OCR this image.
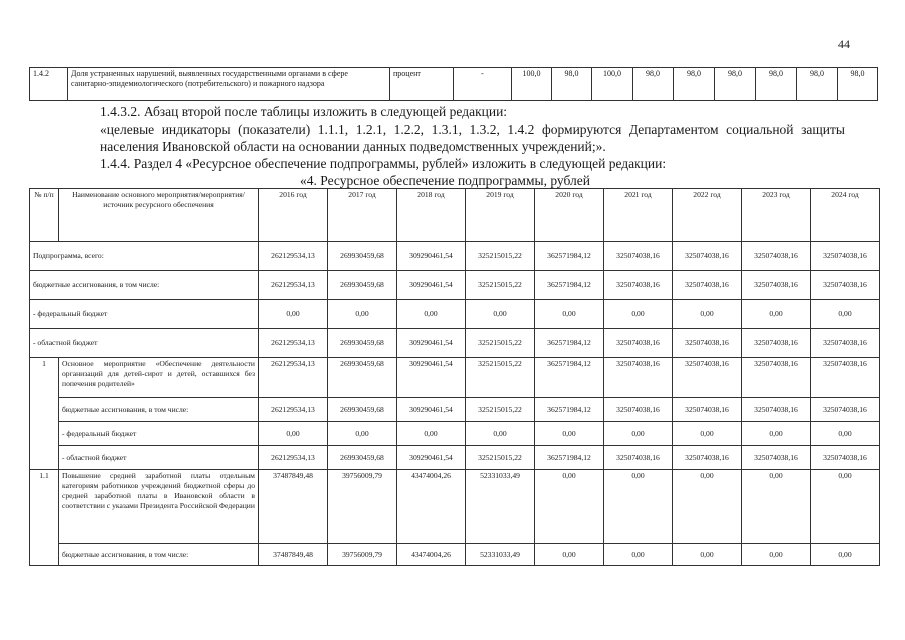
44
1.4.2	Доля устраненных нарушений, выявленных государственными органами в сфере санитарно-эпидемиологического (потребительского) и пожарного надзора	процент	-	100,0	98,0	100,0	98,0	98,0	98,0	98,0	98,0	98,0
1.4.3.2. Абзац второй после таблицы изложить в следующей редакции:
«целевые индикаторы (показатели) 1.1.1, 1.2.1, 1.2.2, 1.3.1, 1.3.2, 1.4.2 формируются Департаментом социальной защиты населения Ивановской области на основании данных подведомственных учреждений;».
1.4.4. Раздел 4 «Ресурсное обеспечение подпрограммы, рублей» изложить в следующей редакции:
«4. Ресурсное обеспечение подпрограммы, рублей
№ п/п	Наименование основного мероприятия/мероприятия/ источник ресурсного обеспечения	2016 год	2017 год	2018 год	2019 год	2020 год	2021 год	2022 год	2023 год	2024 год
Подпрограмма, всего:		262129534,13	269930459,68	309290461,54	325215015,22	362571984,12	325074038,16	325074038,16	325074038,16	325074038,16
бюджетные ассигнования, в том числе:		262129534,13	269930459,68	309290461,54	325215015,22	362571984,12	325074038,16	325074038,16	325074038,16	325074038,16
- федеральный бюджет		0,00	0,00	0,00	0,00	0,00	0,00	0,00	0,00	0,00
- областной бюджет		262129534,13	269930459,68	309290461,54	325215015,22	362571984,12	325074038,16	325074038,16	325074038,16	325074038,16
1	Основное мероприятие «Обеспечение деятельности организаций для детей-сирот и детей, оставшихся без попечения родителей»	262129534,13	269930459,68	309290461,54	325215015,22	362571984,12	325074038,16	325074038,16	325074038,16	325074038,16
	бюджетные ассигнования, в том числе:	262129534,13	269930459,68	309290461,54	325215015,22	362571984,12	325074038,16	325074038,16	325074038,16	325074038,16
	- федеральный бюджет	0,00	0,00	0,00	0,00	0,00	0,00	0,00	0,00	0,00
	- областной бюджет	262129534,13	269930459,68	309290461,54	325215015,22	362571984,12	325074038,16	325074038,16	325074038,16	325074038,16
1.1	Повышение средней заработной платы отдельным категориям работников учреждений бюджетной сферы до средней заработной платы в Ивановской области в соответствии с указами Президента Российской Федерации	37487849,48	39756009,79	43474004,26	52331033,49	0,00	0,00	0,00	0,00	0,00
	бюджетные ассигнования, в том числе:	37487849,48	39756009,79	43474004,26	52331033,49	0,00	0,00	0,00	0,00	0,00
